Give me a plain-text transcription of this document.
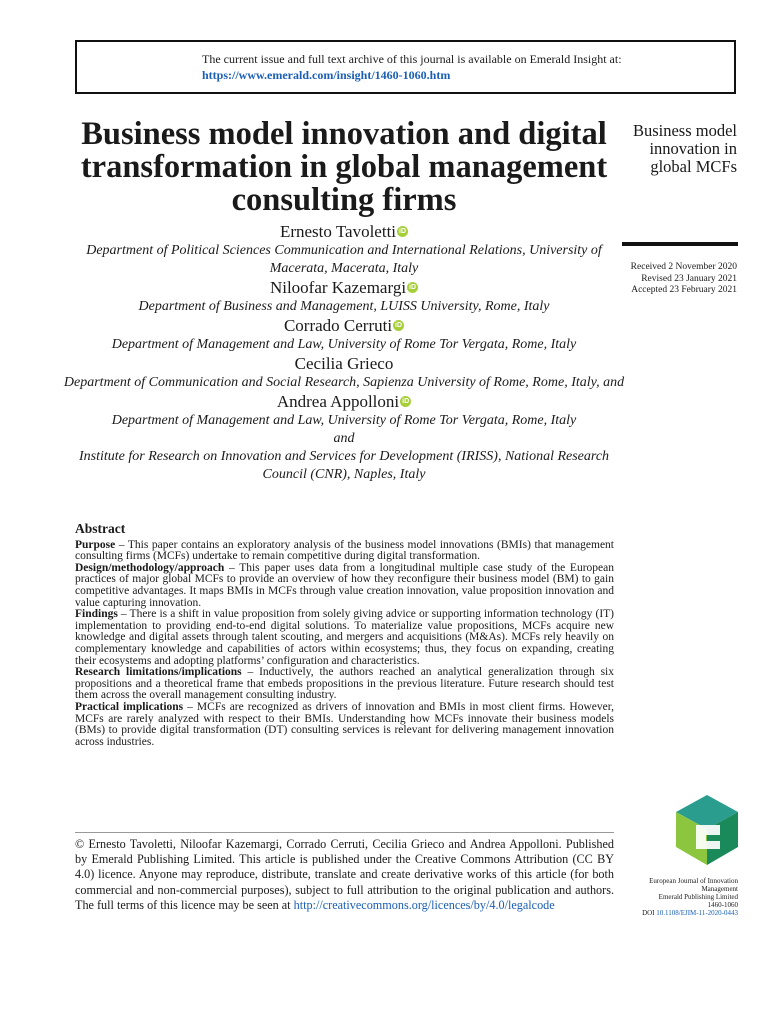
The current issue and full text archive of this journal is available on Emerald Insight at:
https://www.emerald.com/insight/1460-1060.htm
Business model innovation and digital transformation in global management consulting firms
Business model innovation in global MCFs
Received 2 November 2020
Revised 23 January 2021
Accepted 23 February 2021
Ernesto Tavoletti iD
Department of Political Sciences Communication and International Relations, University of Macerata, Macerata, Italy
Niloofar Kazemargi iD
Department of Business and Management, LUISS University, Rome, Italy
Corrado Cerruti iD
Department of Management and Law, University of Rome Tor Vergata, Rome, Italy
Cecilia Grieco
Department of Communication and Social Research, Sapienza University of Rome, Rome, Italy, and
Andrea Appolloni iD
Department of Management and Law, University of Rome Tor Vergata, Rome, Italy
and
Institute for Research on Innovation and Services for Development (IRISS), National Research Council (CNR), Naples, Italy
Abstract

Purpose – This paper contains an exploratory analysis of the business model innovations (BMIs) that management consulting firms (MCFs) undertake to remain competitive during digital transformation.

Design/methodology/approach – This paper uses data from a longitudinal multiple case study of the European practices of major global MCFs to provide an overview of how they reconfigure their business model (BM) to gain competitive advantages. It maps BMIs in MCFs through value creation innovation, value proposition innovation and value capturing innovation.

Findings – There is a shift in value proposition from solely giving advice or supporting information technology (IT) implementation to providing end-to-end digital solutions. To materialize value propositions, MCFs acquire new knowledge and digital assets through talent scouting, and mergers and acquisitions (M&As). MCFs rely heavily on complementary knowledge and capabilities of actors within ecosystems; thus, they focus on expanding, creating their ecosystems and adopting platforms’ configuration and characteristics.

Research limitations/implications – Inductively, the authors reached an analytical generalization through six propositions and a theoretical frame that embeds propositions in the previous literature. Future research should test them across the overall management consulting industry.

Practical implications – MCFs are recognized as drivers of innovation and BMIs in most client firms. However, MCFs are rarely analyzed with respect to their BMIs. Understanding how MCFs innovate their business models (BMs) to provide digital transformation (DT) consulting services is relevant for delivering management innovation across industries.

© Ernesto Tavoletti, Niloofar Kazemargi, Corrado Cerruti, Cecilia Grieco and Andrea Appolloni. Published by Emerald Publishing Limited. This article is published under the Creative Commons Attribution (CC BY 4.0) licence. Anyone may reproduce, distribute, translate and create derivative works of this article (for both commercial and non-commercial purposes), subject to full attribution to the original publication and authors. The full terms of this licence may be seen at http://creativecommons.org/licences/by/4.0/legalcode
European Journal of Innovation Management
Emerald Publishing Limited
1460-1060
DOI 10.1108/EJIM-11-2020-0443
